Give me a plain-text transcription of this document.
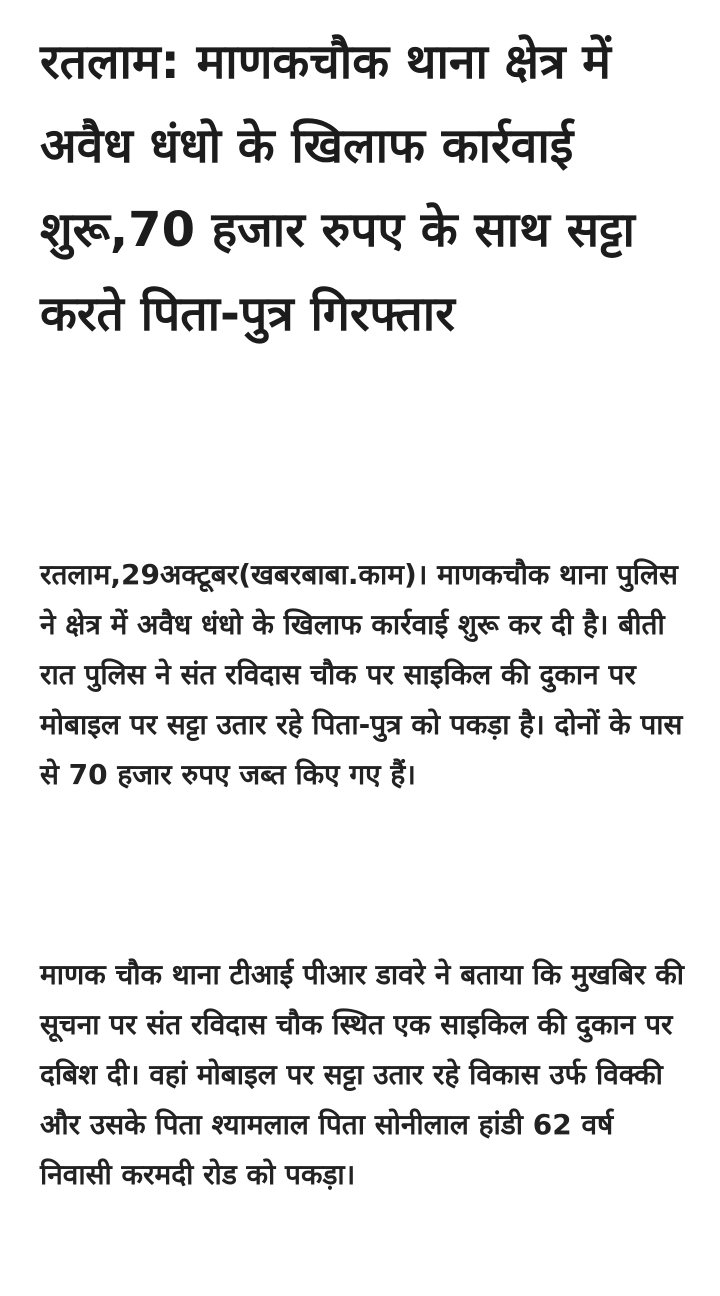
रतलाम: माणकचौक थाना क्षेत्र में अवैध धंधो के खिलाफ कार्रवाई शुरू,70 हजार रुपए के साथ सट्टा करते पिता-पुत्र गिरफ्तार

रतलाम,29अक्टूबर(खबरबाबा.काम)। माणकचौक थाना पुलिस ने क्षेत्र में अवैध धंधो के खिलाफ कार्रवाई शुरू कर दी है। बीती रात पुलिस ने संत रविदास चौक पर साइकिल की दुकान पर मोबाइल पर सट्टा उतार रहे पिता-पुत्र को पकड़ा है। दोनों के पास से 70 हजार रुपए जब्त किए गए हैं।

माणक चौक थाना टीआई पीआर डावरे ने बताया कि मुखबिर की सूचना पर संत रविदास चौक स्थित एक साइकिल की दुकान पर दबिश दी। वहां मोबाइल पर सट्टा उतार रहे विकास उर्फ विक्की और उसके पिता श्यामलाल पिता सोनीलाल हांडी 62 वर्ष निवासी करमदी रोड को पकड़ा।
